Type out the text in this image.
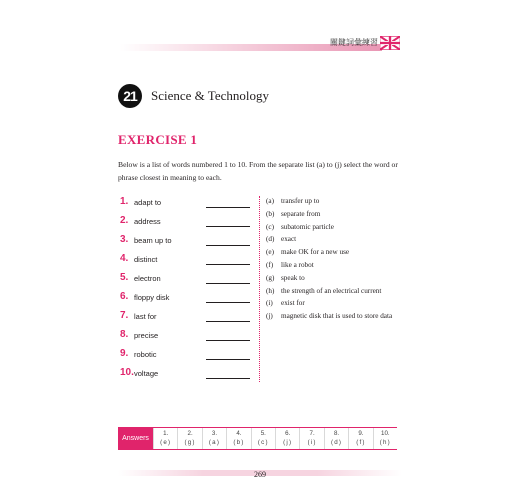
關鍵詞彙練習
21	Science & Technology
EXERCISE 1
Below is a list of words numbered 1 to 10. From the separate list (a) to (j) select the word or phrase closest in meaning to each.
1. adapt to
2. address
3. beam up to
4. distinct
5. electron
6. floppy disk
7. last for
8. precise
9. robotic
10. voltage
(a) transfer up to
(b) separate from
(c) subatomic particle
(d) exact
(e) make OK for a new use
(f) like a robot
(g) speak to
(h) the strength of an electrical current
(i) exist for
(j) magnetic disk that is used to store data
Answers
1.
(e)
2.
(g)
3.
(a)
4.
(b)
5.
(c)
6.
(j)
7.
(i)
8.
(d)
9.
(f)
10.
(h)
269
